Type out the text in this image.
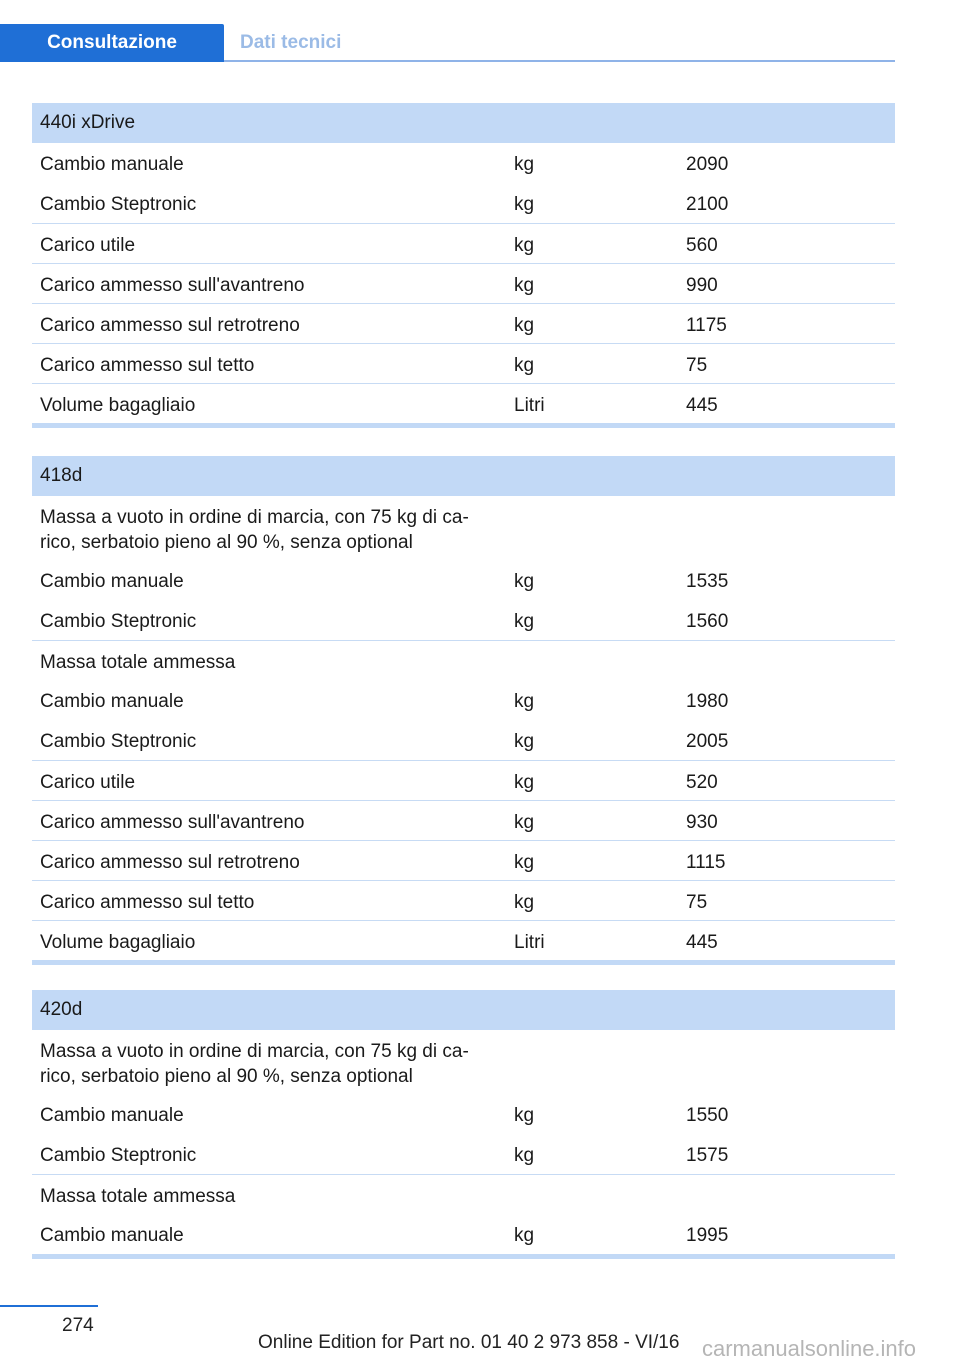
Consultazione	Dati tecnici
440i xDrive
Cambio manuale	kg	2090
Cambio Steptronic	kg	2100
Carico utile	kg	560
Carico ammesso sull'avantreno	kg	990
Carico ammesso sul retrotreno	kg	1175
Carico ammesso sul tetto	kg	75
Volume bagagliaio	Litri	445
418d
Massa a vuoto in ordine di marcia, con 75 kg di ca-
rico, serbatoio pieno al 90 %, senza optional
Cambio manuale	kg	1535
Cambio Steptronic	kg	1560
Massa totale ammessa
Cambio manuale	kg	1980
Cambio Steptronic	kg	2005
Carico utile	kg	520
Carico ammesso sull'avantreno	kg	930
Carico ammesso sul retrotreno	kg	1115
Carico ammesso sul tetto	kg	75
Volume bagagliaio	Litri	445
420d
Massa a vuoto in ordine di marcia, con 75 kg di ca-
rico, serbatoio pieno al 90 %, senza optional
Cambio manuale	kg	1550
Cambio Steptronic	kg	1575
Massa totale ammessa
Cambio manuale	kg	1995
274
Online Edition for Part no. 01 40 2 973 858 - VI/16 carmanualsonline.info
